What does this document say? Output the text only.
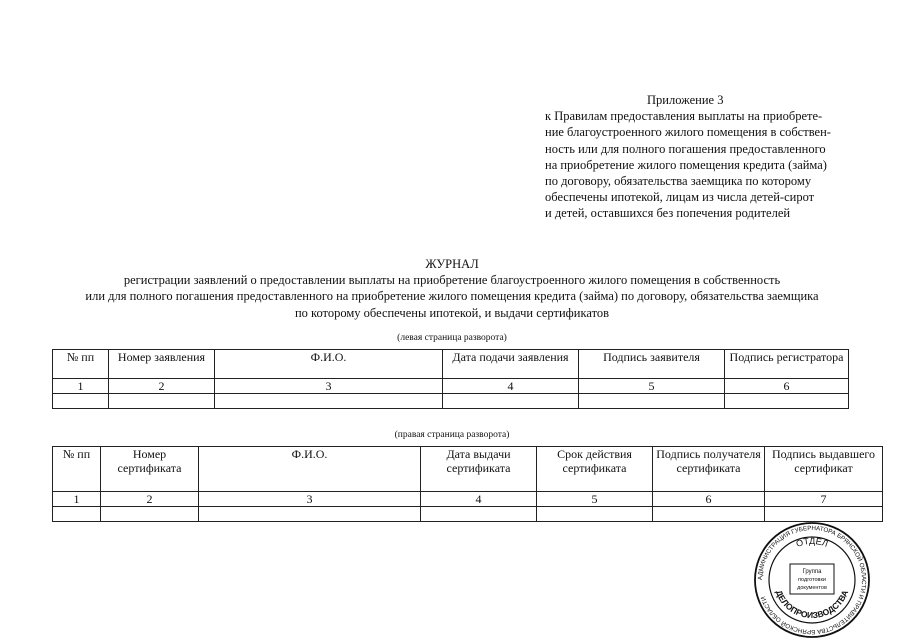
Приложение 3
к Правилам предоставления выплаты на приобрете-
ние благоустроенного жилого помещения в собствен-
ность или для полного погашения предоставленного
на приобретение жилого помещения кредита (займа)
по договору, обязательства заемщика по которому
обеспечены ипотекой, лицам из числа детей-сирот
и детей, оставшихся без попечения родителей
ЖУРНАЛ
регистрации заявлений о предоставлении выплаты на приобретение благоустроенного жилого помещения в собственность
или для полного погашения предоставленного на приобретение жилого помещения кредита (займа) по договору, обязательства заемщика
по которому обеспечены ипотекой, и выдачи сертификатов
(левая страница разворота)
№ пп	Номер заявления	Ф.И.О.	Дата подачи заявления	Подпись заявителя	Подпись регистратора
1	2	3	4	5	6

(правая страница разворота)
№ пп	Номер сертификата	Ф.И.О.	Дата выдачи сертификата	Срок действия сертификата	Подпись получателя сертификата	Подпись выдавшего сертификат
1	2	3	4	5	6	7

АДМИНИСТРАЦИЯ ГУБЕРНАТОРА БРЯНСКОЙ ОБЛАСТИ И ПРАВИТЕЛЬСТВА БРЯНСКОЙ ОБЛАСТИ
ОТДЕЛ
ДЕЛОПРОИЗВОДСТВА
Группа
подготовки
документов
